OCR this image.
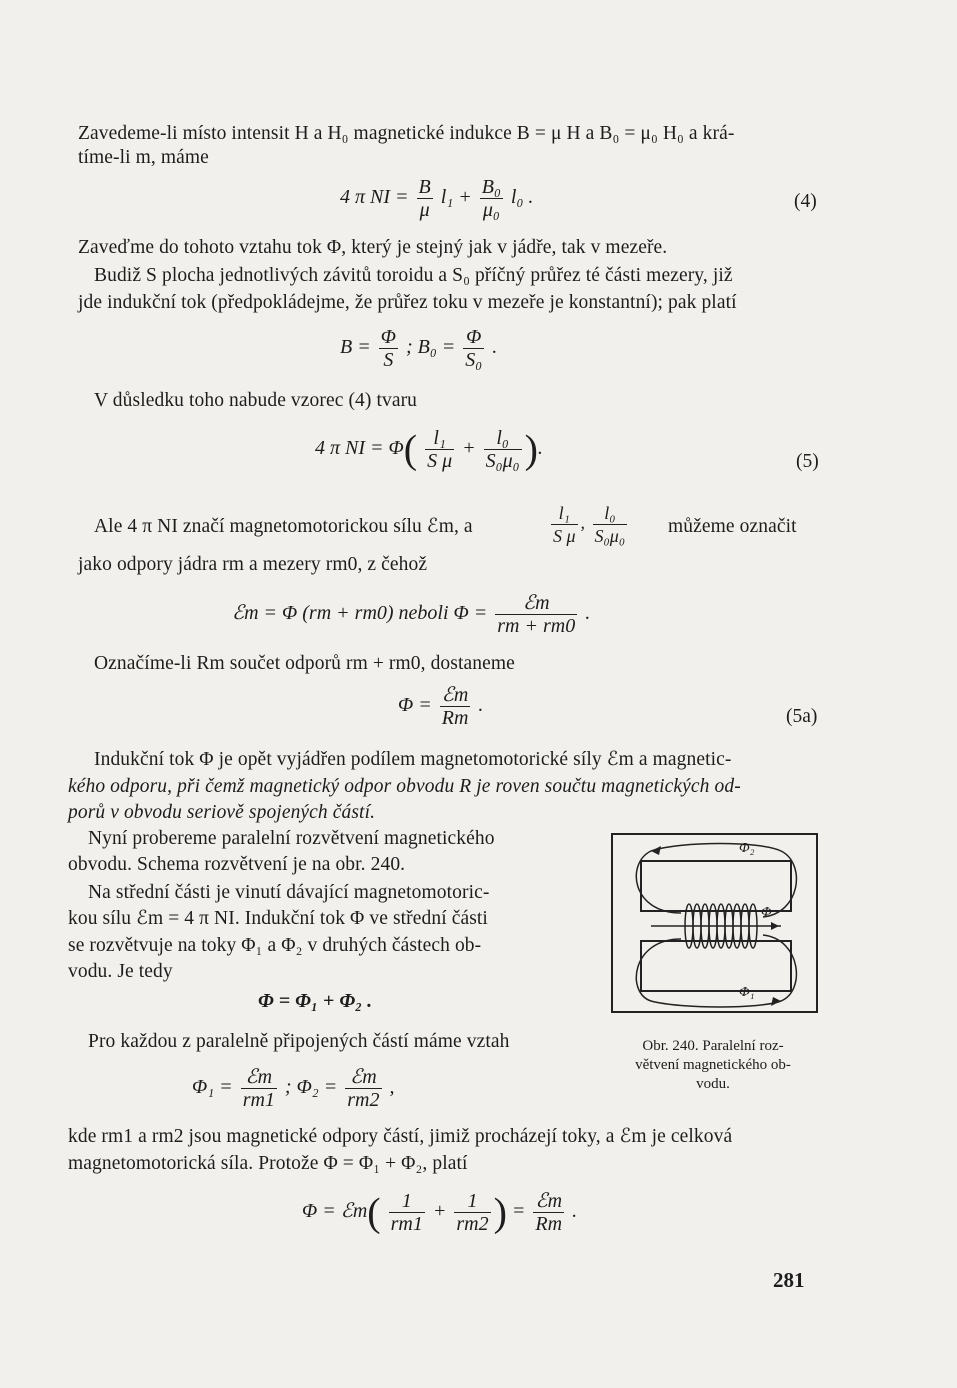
Zavedeme-li místo intensit H a H₀ magnetické indukce B = μ H a B₀ = μ₀ H₀ a krá-
tíme-li m, máme
4 π NI = $\frac{B}{\mu} l_1 + \frac{\text{B₀}}{\text{μ₀}} l_0$ .	(4)
Zaveďme do tohoto vztahu tok Φ, který je stejný jak v jádře, tak v mezeře.
Budiž S plocha jednotlivých závitů toroidu a S₀ příčný průřez té části mezery, již
jde indukční tok (předpokládejme, že průřez toku v mezeře je konstantní); pak platí
$B = \frac{\Phi}{S}$ ; $B_0 = \frac{\Phi}{\text{S₀}}$ .
V důsledku toho nabude vzorec (4) tvaru
4 π NI = $\Phi( \frac{\text{l₁}}{\text{S μ}} + \frac{\text{l₀}}{\text{S₀μ₀}}$ ).
(5)
Ale 4 π NI značí magnetomotorickou sílu ℰm, a	$\frac{\text{l₁}}{\text{S μ}}$ , $\frac{\text{l₀}}{\text{S₀μ₀}}$ můžeme označit
jako odpory jádra rm a mezery rm0, z čehož
ℰm = Φ (rm + rm0) neboli $\Phi = \frac{\text{ℰm}}{rm + rm0}$ .
Označíme-li Rm součet odporů rm + rm0, dostaneme
$\Phi = \frac{\text{ℰm}}{Rm}$ .
(5a)
Indukční tok Φ je opět vyjádřen podílem magnetomotorické síly ℰm a magnetic-
kého odporu, při čemž magnetický odpor obvodu R je roven součtu magnetických od-
porů v obvodu seriově spojených částí.
Nyní probereme paralelní rozvětvení magnetického
obvodu. Schema rozvětvení je na obr. 240.
Na střední části je vinutí dávající magnetomotoric-
kou sílu ℰm = 4 π NI. Indukční tok Φ ve střední části
se rozvětvuje na toky Φ₁ a Φ₂ v druhých částech ob-
vodu. Je tedy
Φ = Φ₁ + Φ₂ .
Pro každou z paralelně připojených částí máme vztah
$\Phi_1 = \frac{\text{ℰm}}{rm1}$ ; $\Phi_2 = \frac{\text{ℰm}}{rm2}$ ,
kde rm1 a rm2 jsou magnetické odpory částí, jimiž procházejí toky, a ℰm je celková
magnetomotorická síla. Protože Φ = Φ₁ + Φ₂, platí
Φ = ℰm( $\frac{1}{rm1} + \frac{1}{rm2}$ ) = $\frac{\text{ℰm}}{Rm}$ .
Φ₂
Φ
Φ₁
Obr. 240. Paralelní roz-
větvení magnetického ob-
vodu.
281
